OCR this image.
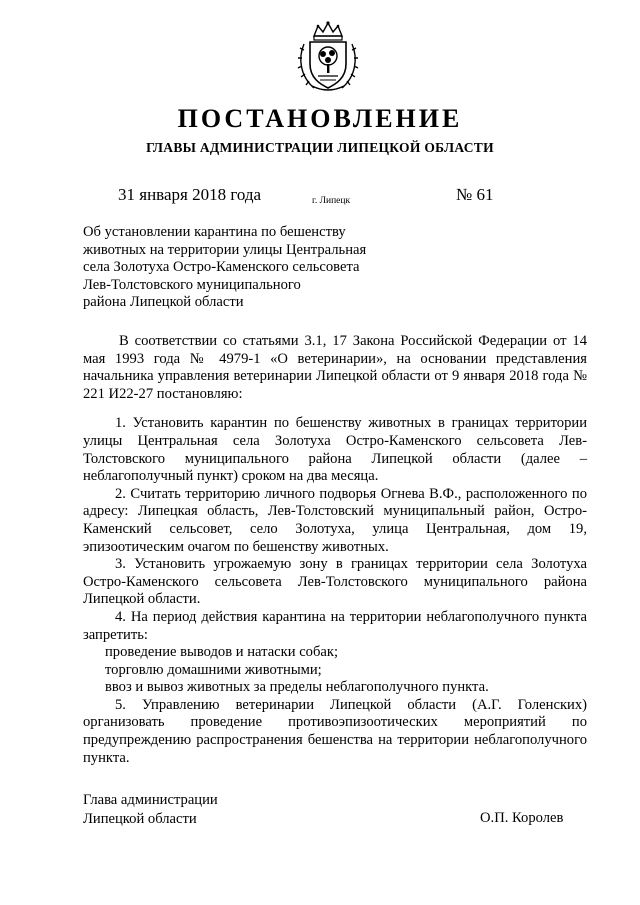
ПОСТАНОВЛЕНИЕ
ГЛАВЫ АДМИНИСТРАЦИИ ЛИПЕЦКОЙ ОБЛАСТИ
31 января 2018 года	г. Липецк	№ 61
Об установлении карантина по бешенству
животных на территории улицы Центральная
села Золотуха Остро-Каменского сельсовета
Лев-Толстовского муниципального
района Липецкой области

В соответствии со статьями 3.1, 17 Закона Российской Федерации от 14 мая 1993 года № 4979-1 «О ветеринарии», на основании представления начальника управления ветеринарии Липецкой области от 9 января 2018 года № 221 И22-27 постановляю:

1. Установить карантин по бешенству животных в границах территории улицы Центральная села Золотуха Остро-Каменского сельсовета Лев-Толстовского муниципального района Липецкой области (далее – неблагополучный пункт) сроком на два месяца.

2. Считать территорию личного подворья Огнева В.Ф., расположенного по адресу: Липецкая область, Лев-Толстовский муниципальный район, Остро-Каменский сельсовет, село Золотуха, улица Центральная, дом 19, эпизоотическим очагом по бешенству животных.

3. Установить угрожаемую зону в границах территории села Золотуха Остро-Каменского сельсовета Лев-Толстовского муниципального района Липецкой области.

4. На период действия карантина на территории неблагополучного пункта запретить:

проведение выводов и натаски собак;

торговлю домашними животными;

ввоз и вывоз животных за пределы неблагополучного пункта.

5. Управлению ветеринарии Липецкой области (А.Г. Голенских) организовать проведение противоэпизоотических мероприятий по предупреждению распространения бешенства на территории неблагополучного пункта.

Глава администрации
Липецкой области	О.П. Королев
